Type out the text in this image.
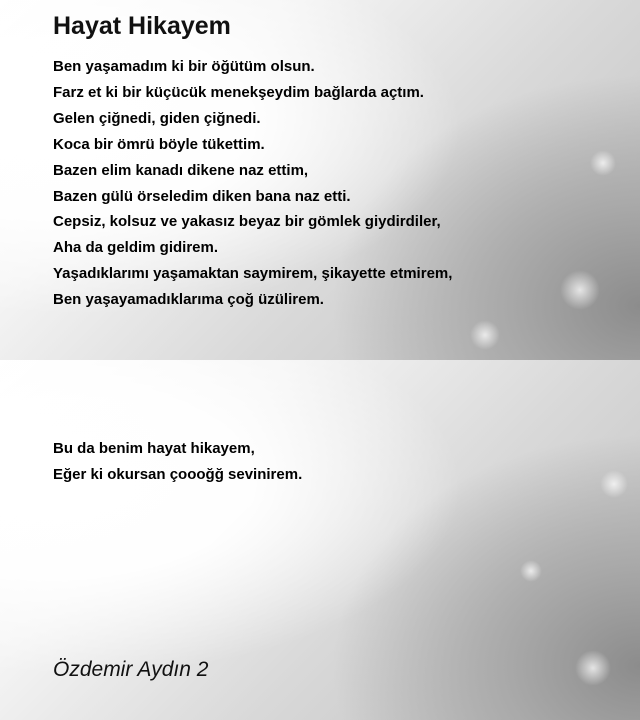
Hayat Hikayem
Ben yaşamadım ki bir öğütüm olsun.
Farz et ki bir küçücük menekşeydim bağlarda açtım.
Gelen çiğnedi, giden çiğnedi.
Koca bir ömrü böyle tükettim.
Bazen elim kanadı dikene naz ettim,
Bazen gülü örseledim diken bana naz etti.
Cepsiz, kolsuz ve yakasız beyaz bir gömlek giydirdiler,
Aha da geldim gidirem.
Yaşadıklarımı yaşamaktan saymirem, şikayette etmirem,
Ben yaşayamadıklarıma çoğ üzülirem.
Bu da benim hayat hikayem,
Eğer ki okursan çoooğğ sevinirem.
Özdemir Aydın 2
